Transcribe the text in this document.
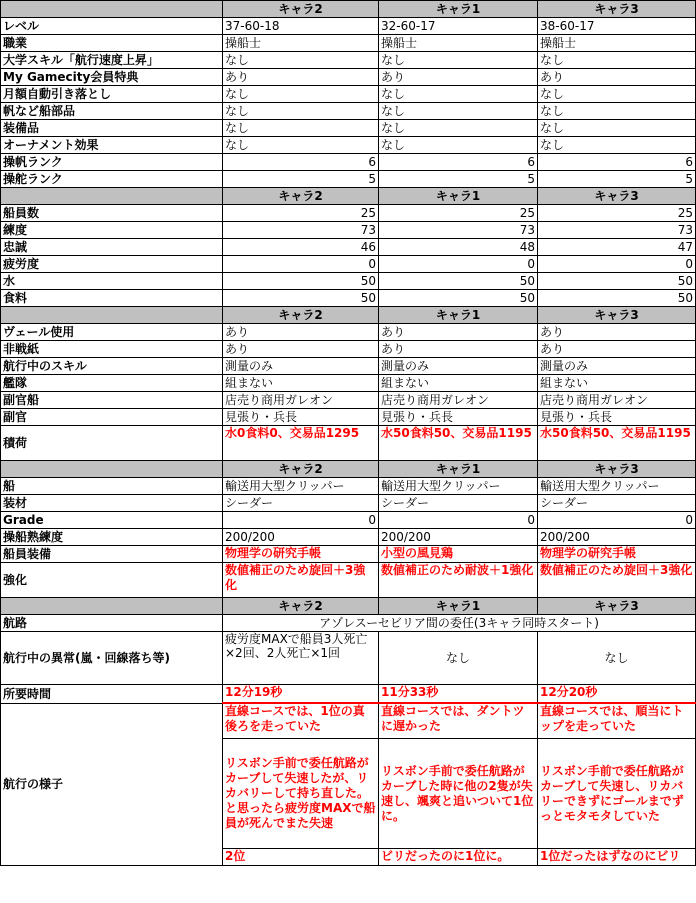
	キャラ2	キャラ1	キャラ3
レベル	37-60-18	32-60-17	38-60-17
職業	操船士	操船士	操船士
大学スキル「航行速度上昇」	なし	なし	なし
My Gamecity会員特典	あり	あり	あり
月額自動引き落とし	なし	なし	なし
帆など船部品	なし	なし	なし
装備品	なし	なし	なし
オーナメント効果	なし	なし	なし
操帆ランク	6	6	6
操舵ランク	5	5	5
	キャラ2	キャラ1	キャラ3
船員数	25	25	25
練度	73	73	73
忠誠	46	48	47
疲労度	0	0	0
水	50	50	50
食料	50	50	50
	キャラ2	キャラ1	キャラ3
ヴェール使用	あり	あり	あり
非戦紙	あり	あり	あり
航行中のスキル	測量のみ	測量のみ	測量のみ
艦隊	組まない	組まない	組まない
副官船	店売り商用ガレオン	店売り商用ガレオン	店売り商用ガレオン
副官	見張り・兵長	見張り・兵長	見張り・兵長
積荷	水0食料0、交易品1295	水50食料50、交易品1195	水50食料50、交易品1195
	キャラ2	キャラ1	キャラ3
船	輸送用大型クリッパー	輸送用大型クリッパー	輸送用大型クリッパー
装材	シーダー	シーダー	シーダー
Grade	0	0	0
操船熟練度	200/200	200/200	200/200
船員装備	物理学の研究手帳	小型の風見鶏	物理学の研究手帳
強化	数値補正のため旋回＋3強化	数値補正のため耐波＋1強化	数値補正のため旋回＋3強化
	キャラ2	キャラ1	キャラ3
航路	アゾレスーセビリア間の委任(3キャラ同時スタート)		
航行中の異常(嵐・回線落ち等)	疲労度MAXで船員3人死亡×2回、2人死亡×1回	なし	なし
所要時間	12分19秒	11分33秒	12分20秒
航行の様子	直線コースでは、1位の真後ろを走っていた	直線コースでは、ダントツに遅かった	直線コースでは、順当にトップを走っていた
	リスボン手前で委任航路がカーブして失速したが、リカバリーして持ち直した。と思ったら疲労度MAXで船員が死んでまた失速	リスボン手前で委任航路がカーブした時に他の2隻が失速し、颯爽と追いついて1位に。	リスボン手前で委任航路がカーブして失速し、リカバリーできずにゴールまでずっとモタモタしていた
	2位	ビリだったのに1位に。	1位だったはずなのにビリ
